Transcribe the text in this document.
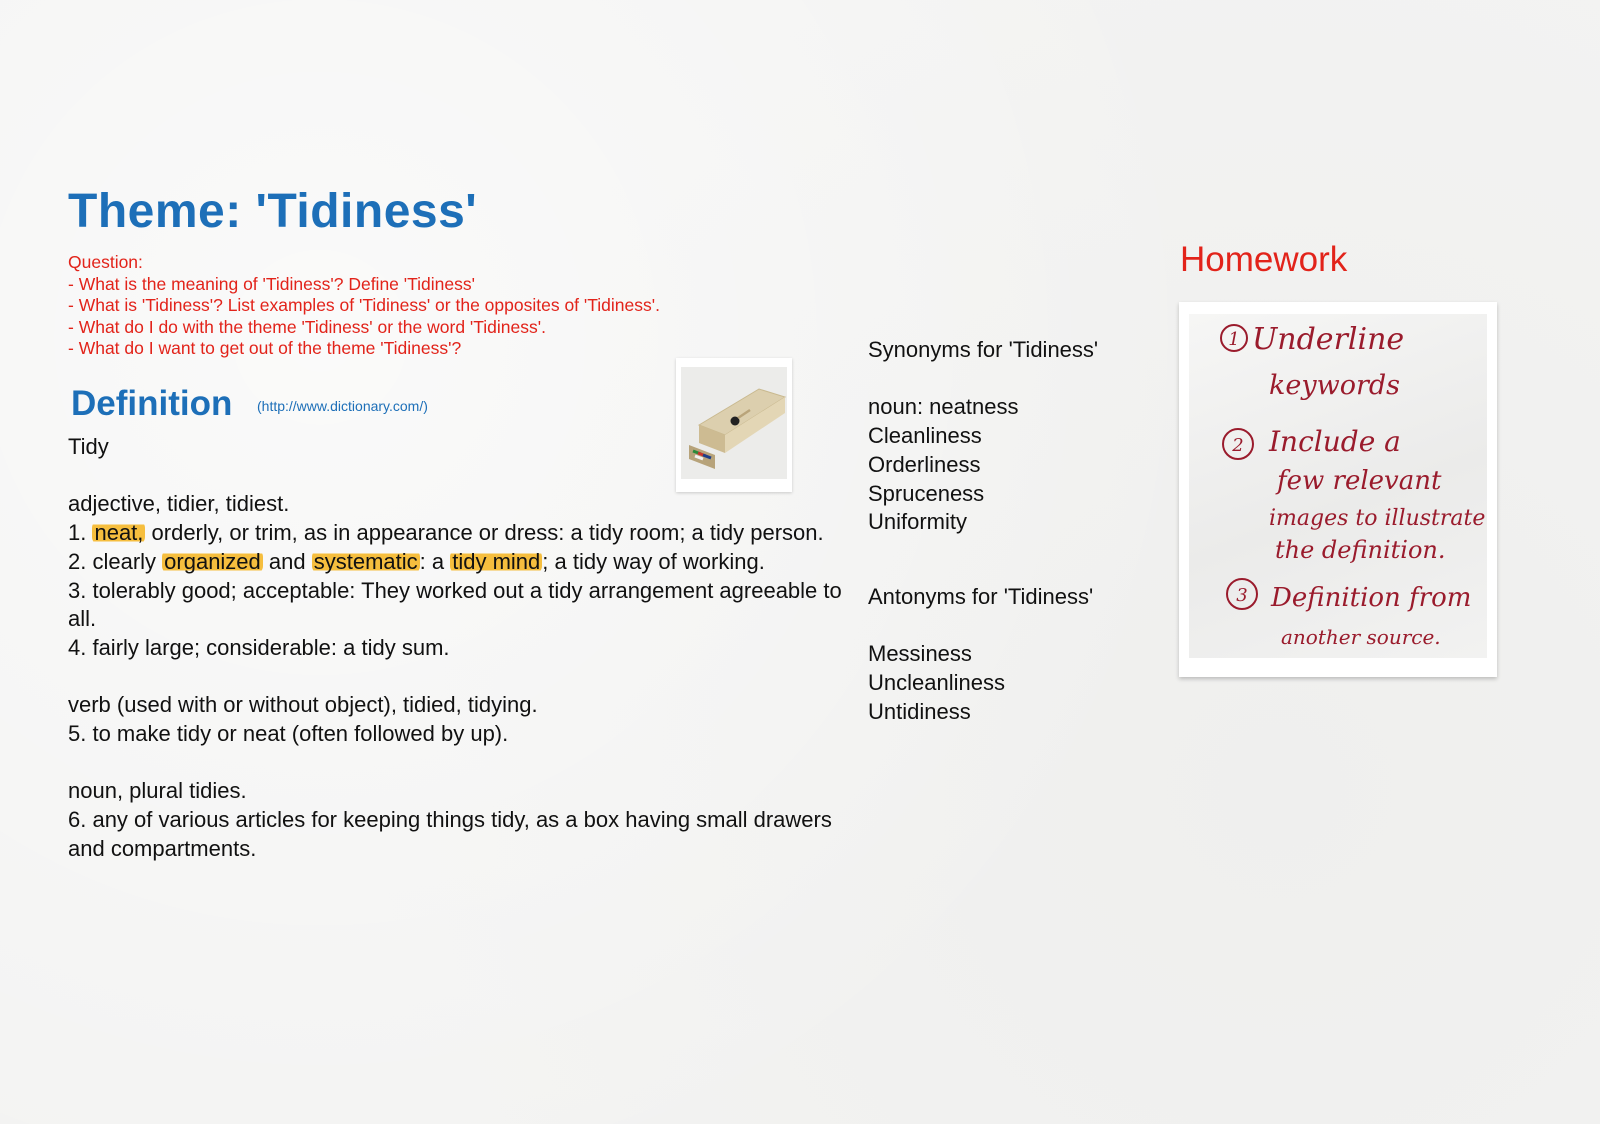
Theme: 'Tidiness'
Question:
- What is the meaning of 'Tidiness'? Define 'Tidiness'
- What is 'Tidiness'? List examples of 'Tidiness' or the opposites of 'Tidiness'.
- What do I do with the theme 'Tidiness' or the word 'Tidiness'.
- What do I want to get out of the theme 'Tidiness'?
Definition (http://www.dictionary.com/)

Tidy

adjective, tidier, tidiest.

1. neat, orderly, or trim, as in appearance or dress: a tidy room; a tidy person.

2. clearly organized and systematic: a tidy mind; a tidy way of working.

3. tolerably good; acceptable: They worked out a tidy arrangement agreeable to all.

4. fairly large; considerable: a tidy sum.

verb (used with or without object), tidied, tidying.

5. to make tidy or neat (often followed by up).

noun, plural tidies.

6. any of various articles for keeping things tidy, as a box having small drawers and compartments.

Synonyms for 'Tidiness'

noun: neatness

Cleanliness

Orderliness

Spruceness

Uniformity

Antonyms for 'Tidiness'

Messiness

Uncleanliness

Untidiness

Homework
1 Underline
keywords
2 Include a
few relevant
images to illustrate
the definition.
3 Definition from
another source.
